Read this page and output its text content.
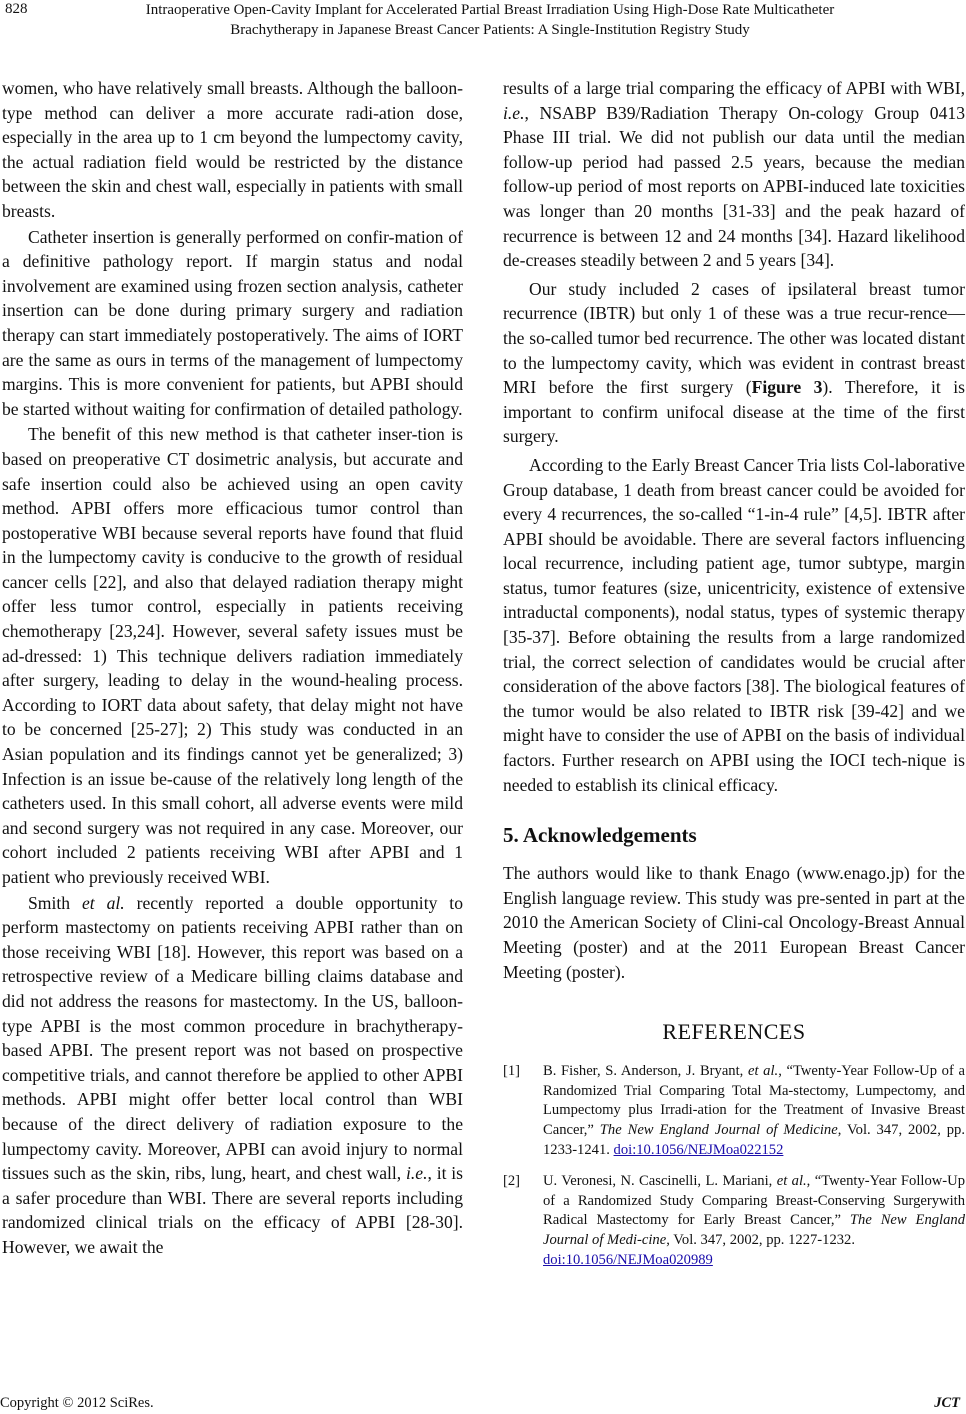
828	Intraoperative Open-Cavity Implant for Accelerated Partial Breast Irradiation Using High-Dose Rate Multicatheter
Brachytherapy in Japanese Breast Cancer Patients: A Single-Institution Registry Study

women, who have relatively small breasts. Although the balloon-type method can deliver a more accurate radi-ation dose, especially in the area up to 1 cm beyond the lumpectomy cavity, the actual radiation field would be restricted by the distance between the skin and chest wall, especially in patients with small breasts.

Catheter insertion is generally performed on confir-mation of a definitive pathology report. If margin status and nodal involvement are examined using frozen section analysis, catheter insertion can be done during primary surgery and radiation therapy can start immediately postoperatively. The aims of IORT are the same as ours in terms of the management of lumpectomy margins. This is more convenient for patients, but APBI should be started without waiting for confirmation of detailed pathology.

The benefit of this new method is that catheter inser-tion is based on preoperative CT dosimetric analysis, but accurate and safe insertion could also be achieved using an open cavity method. APBI offers more efficacious tumor control than postoperative WBI because several reports have found that fluid in the lumpectomy cavity is conducive to the growth of residual cancer cells [22], and also that delayed radiation therapy might offer less tumor control, especially in patients receiving chemotherapy [23,24]. However, several safety issues must be ad-dressed: 1) This technique delivers radiation immediately after surgery, leading to delay in the wound-healing process. According to IORT data about safety, that delay might not have to be concerned [25-27]; 2) This study was conducted in an Asian population and its findings cannot yet be generalized; 3) Infection is an issue be-cause of the relatively long length of the catheters used. In this small cohort, all adverse events were mild and second surgery was not required in any case. Moreover, our cohort included 2 patients receiving WBI after APBI and 1 patient who previously received WBI.

Smith et al. recently reported a double opportunity to perform mastectomy on patients receiving APBI rather than on those receiving WBI [18]. However, this report was based on a retrospective review of a Medicare billing claims database and did not address the reasons for mastectomy. In the US, balloon-type APBI is the most common procedure in brachytherapy-based APBI. The present report was not based on prospective competitive trials, and cannot therefore be applied to other APBI methods. APBI might offer better local control than WBI because of the direct delivery of radiation exposure to the lumpectomy cavity. Moreover, APBI can avoid injury to normal tissues such as the skin, ribs, lung, heart, and chest wall, i.e., it is a safer procedure than WBI. There are several reports including randomized clinical trials on the efficacy of APBI [28-30]. However, we await the

results of a large trial comparing the efficacy of APBI with WBI, i.e., NSABP B39/Radiation Therapy On-cology Group 0413 Phase III trial. We did not publish our data until the median follow-up period had passed 2.5 years, because the median follow-up period of most reports on APBI-induced late toxicities was longer than 20 months [31-33] and the peak hazard of recurrence is between 12 and 24 months [34]. Hazard likelihood de-creases steadily between 2 and 5 years [34].

Our study included 2 cases of ipsilateral breast tumor recurrence (IBTR) but only 1 of these was a true recur-rence—the so-called tumor bed recurrence. The other was located distant to the lumpectomy cavity, which was evident in contrast breast MRI before the first surgery (Figure 3). Therefore, it is important to confirm unifocal disease at the time of the first surgery.

According to the Early Breast Cancer Tria lists Col-laborative Group database, 1 death from breast cancer could be avoided for every 4 recurrences, the so-called “1-in-4 rule” [4,5]. IBTR after APBI should be avoidable. There are several factors influencing local recurrence, including patient age, tumor subtype, margin status, tumor features (size, unicentricity, existence of extensive intraductal components), nodal status, types of systemic therapy [35-37]. Before obtaining the results from a large randomized trial, the correct selection of candidates would be crucial after consideration of the above factors [38]. The biological features of the tumor would be also related to IBTR risk [39-42] and we might have to consider the use of APBI on the basis of individual factors. Further research on APBI using the IOCI tech-nique is needed to establish its clinical efficacy.

5. Acknowledgements

The authors would like to thank Enago (www.enago.jp) for the English language review. This study was pre-sented in part at the 2010 the American Society of Clini-cal Oncology-Breast Annual Meeting (poster) and at the 2011 European Breast Cancer Meeting (poster).

REFERENCES
[1] B. Fisher, S. Anderson, J. Bryant, et al., “Twenty-Year Follow-Up of a Randomized Trial Comparing Total Ma-stectomy, Lumpectomy, and Lumpectomy plus Irradi-ation for the Treatment of Invasive Breast Cancer,” The New England Journal of Medicine, Vol. 347, 2002, pp. 1233-1241. doi:10.1056/NEJMoa022152
[2] U. Veronesi, N. Cascinelli, L. Mariani, et al., “Twenty-Year Follow-Up of a Randomized Study Comparing Breast-Conserving Surgerywith Radical Mastectomy for Early Breast Cancer,” The New England Journal of Medi-cine, Vol. 347, 2002, pp. 1227-1232.
doi:10.1056/NEJMoa020989
Copyright © 2012 SciRes.	JCT
